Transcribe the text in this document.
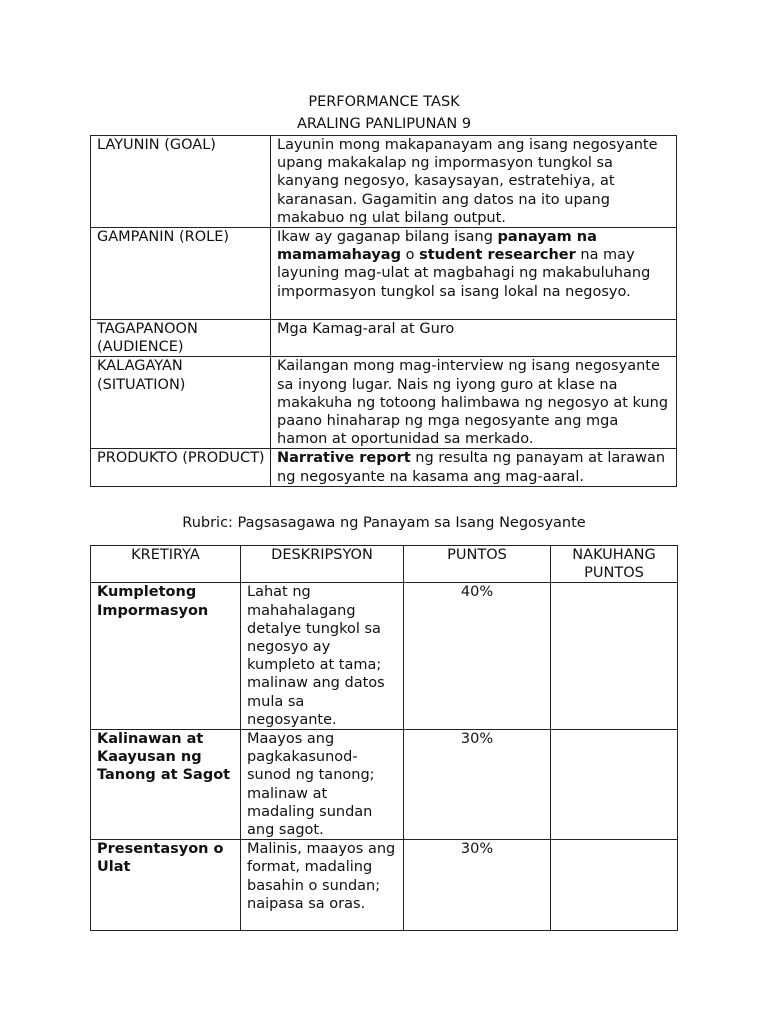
PERFORMANCE TASK
ARALING PANLIPUNAN 9
LAYUNIN (GOAL)	Layunin mong makapanayam ang isang negosyante upang makakalap ng impormasyon tungkol sa kanyang negosyo, kasaysayan, estratehiya, at karanasan. Gagamitin ang datos na ito upang makabuo ng ulat bilang output.
GAMPANIN (ROLE)	Ikaw ay gaganap bilang isang panayam na mamamahayag o student researcher na may layuning mag-ulat at magbahagi ng makabuluhang impormasyon tungkol sa isang lokal na negosyo.
TAGAPANOON (AUDIENCE)	Mga Kamag-aral at Guro
KALAGAYAN (SITUATION)	Kailangan mong mag-interview ng isang negosyante sa inyong lugar. Nais ng iyong guro at klase na makakuha ng totoong halimbawa ng negosyo at kung paano hinaharap ng mga negosyante ang mga hamon at oportunidad sa merkado.
PRODUKTO (PRODUCT)	Narrative report ng resulta ng panayam at larawan ng negosyante na kasama ang mag-aaral.
Rubric: Pagsasagawa ng Panayam sa Isang Negosyante
KRETIRYA	DESKRIPSYON	PUNTOS	NAKUHANG PUNTOS
Kumpletong Impormasyon	Lahat ng mahahalagang detalye tungkol sa negosyo ay kumpleto at tama; malinaw ang datos mula sa negosyante.	40%	
Kalinawan at Kaayusan ng Tanong at Sagot	Maayos ang pagkakasunod-sunod ng tanong; malinaw at madaling sundan ang sagot.	30%	
Presentasyon o Ulat	Malinis, maayos ang format, madaling basahin o sundan; naipasa sa oras.	30%	
